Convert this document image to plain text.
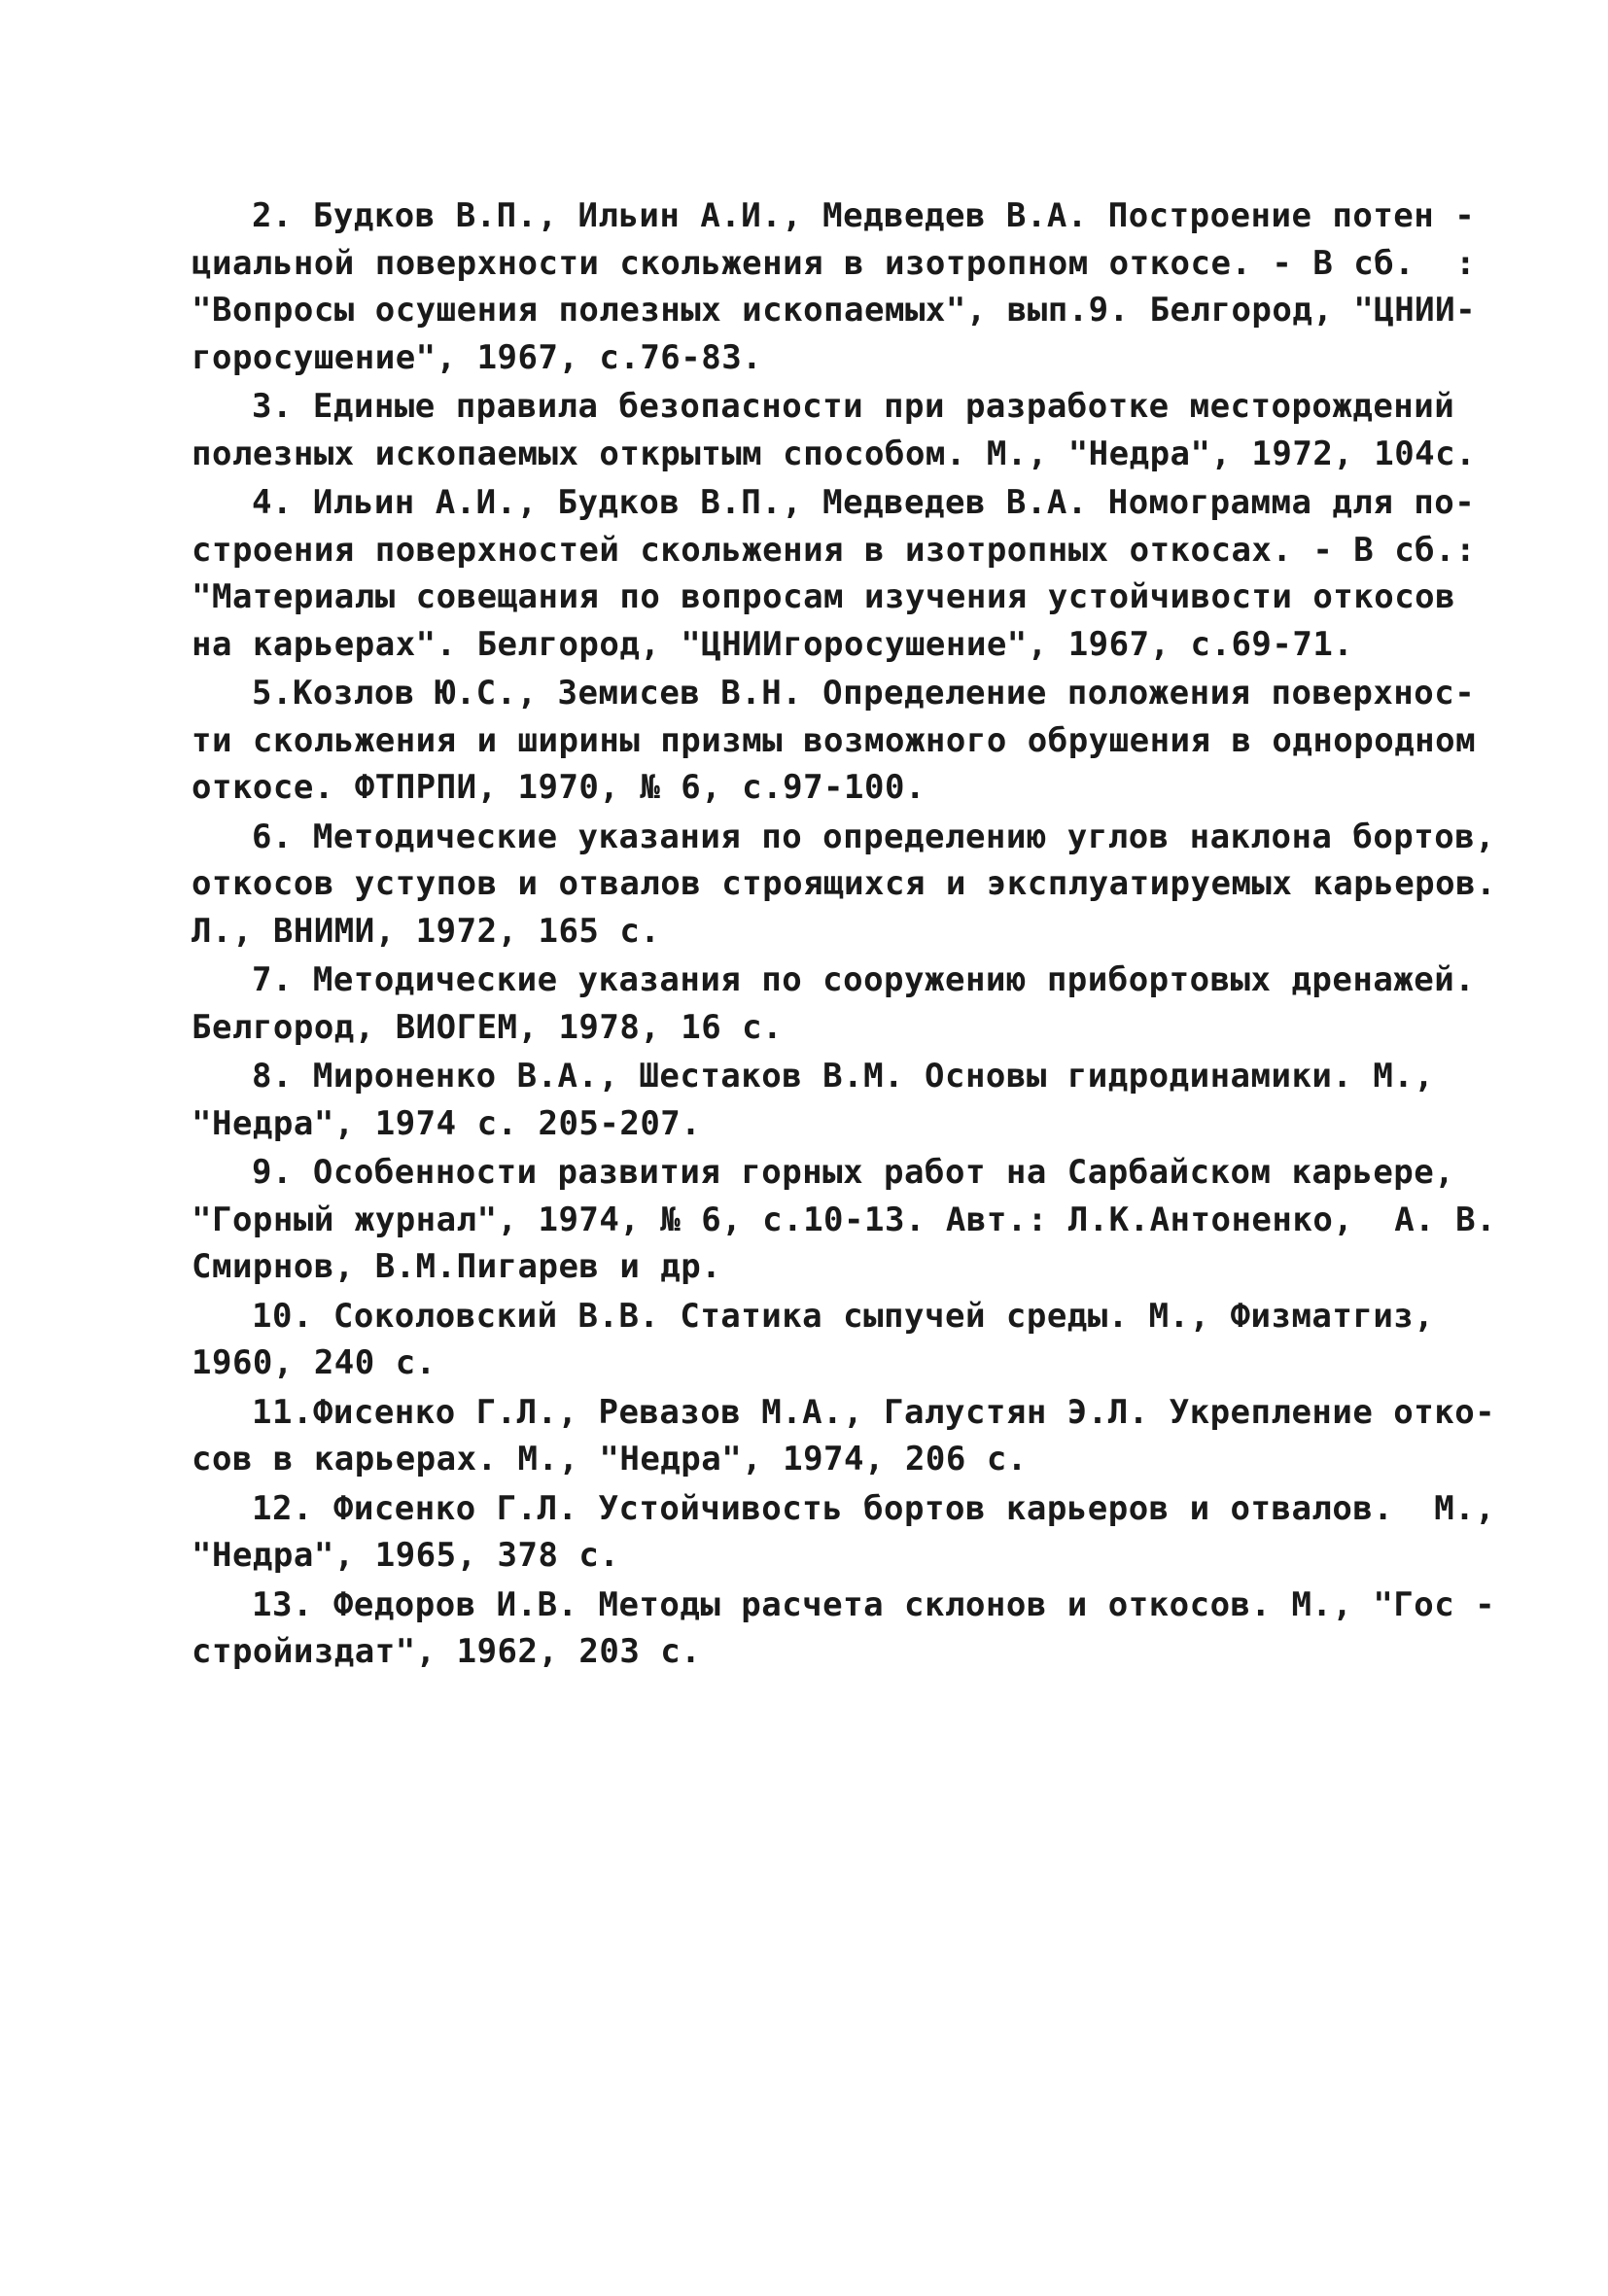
2. Будков В.П., Ильин А.И., Медведев В.А. Построение потен -
циальной поверхности скольжения в изотропном откосе. - В сб.  :
"Вопросы осушения полезных ископаемых", вып.9. Белгород, "ЦНИИ-
горосушение", 1967, с.76-83.
3. Единые правила безопасности при разработке месторождений
полезных ископаемых открытым способом. М., "Недра", 1972, 104с.
4. Ильин А.И., Будков В.П., Медведев В.А. Номограмма для по-
строения поверхностей скольжения в изотропных откосах. - В сб.:
"Материалы совещания по вопросам изучения устойчивости откосов
на карьерах". Белгород, "ЦНИИгоросушение", 1967, с.69-71.
5.Козлов Ю.С., Земисев В.Н. Определение положения поверхнос-
ти скольжения и ширины призмы возможного обрушения в однородном
откосе. ФТПРПИ, 1970, № 6, с.97-100.
6. Методические указания по определению углов наклона бортов,
откосов уступов и отвалов строящихся и эксплуатируемых карьеров.
Л., ВНИМИ, 1972, 165 с.
7. Методические указания по сооружению прибортовых дренажей.
Белгород, ВИОГЕМ, 1978, 16 с.
8. Мироненко В.А., Шестаков В.М. Основы гидродинамики. М.,
"Недра", 1974 с. 205-207.
9. Особенности развития горных работ на Сарбайском карьере,
"Горный журнал", 1974, № 6, с.10-13. Авт.: Л.К.Антоненко,  А. В.
Смирнов, В.М.Пигарев и др.
10. Соколовский В.В. Статика сыпучей среды. М., Физматгиз,
1960, 240 с.
11.Фисенко Г.Л., Ревазов М.А., Галустян Э.Л. Укрепление отко-
сов в карьерах. М., "Недра", 1974, 206 с.
12. Фисенко Г.Л. Устойчивость бортов карьеров и отвалов.  М.,
"Недра", 1965, 378 с.
13. Федоров И.В. Методы расчета склонов и откосов. М., "Гос -
стройиздат", 1962, 203 с.
